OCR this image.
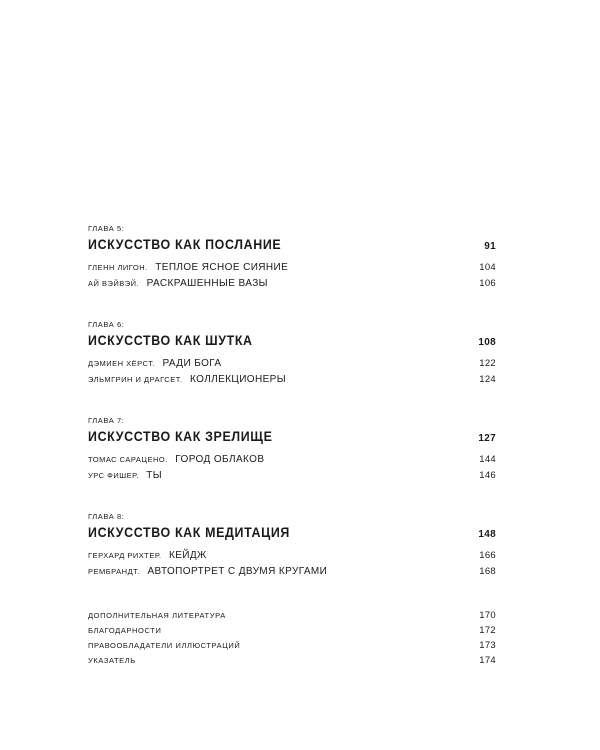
ГЛАВА 5:
ИСКУССТВО КАК ПОСЛАНИЕ	91
ГЛЕНН ЛИГОН. ТЕПЛОЕ ЯСНОЕ СИЯНИЕ	104
АЙ ВЭЙВЭЙ. РАСКРАШЕННЫЕ ВАЗЫ	106
ГЛАВА 6:
ИСКУССТВО КАК ШУТКА	108
ДЭМИЕН ХЁРСТ. РАДИ БОГА	122
ЭЛЬМГРИН И ДРАГСЕТ. КОЛЛЕКЦИОНЕРЫ	124
ГЛАВА 7:
ИСКУССТВО КАК ЗРЕЛИЩЕ	127
ТОМАС САРАЦЕНО. ГОРОД ОБЛАКОВ	144
УРС ФИШЕР. ТЫ	146
ГЛАВА 8:
ИСКУССТВО КАК МЕДИТАЦИЯ	148
ГЕРХАРД РИХТЕР. КЕЙДЖ	166
РЕМБРАНДТ. АВТОПОРТРЕТ С ДВУМЯ КРУГАМИ	168
ДОПОЛНИТЕЛЬНАЯ ЛИТЕРАТУРА	170
БЛАГОДАРНОСТИ	172
ПРАВООБЛАДАТЕЛИ ИЛЛЮСТРАЦИЙ	173
УКАЗАТЕЛЬ	174
